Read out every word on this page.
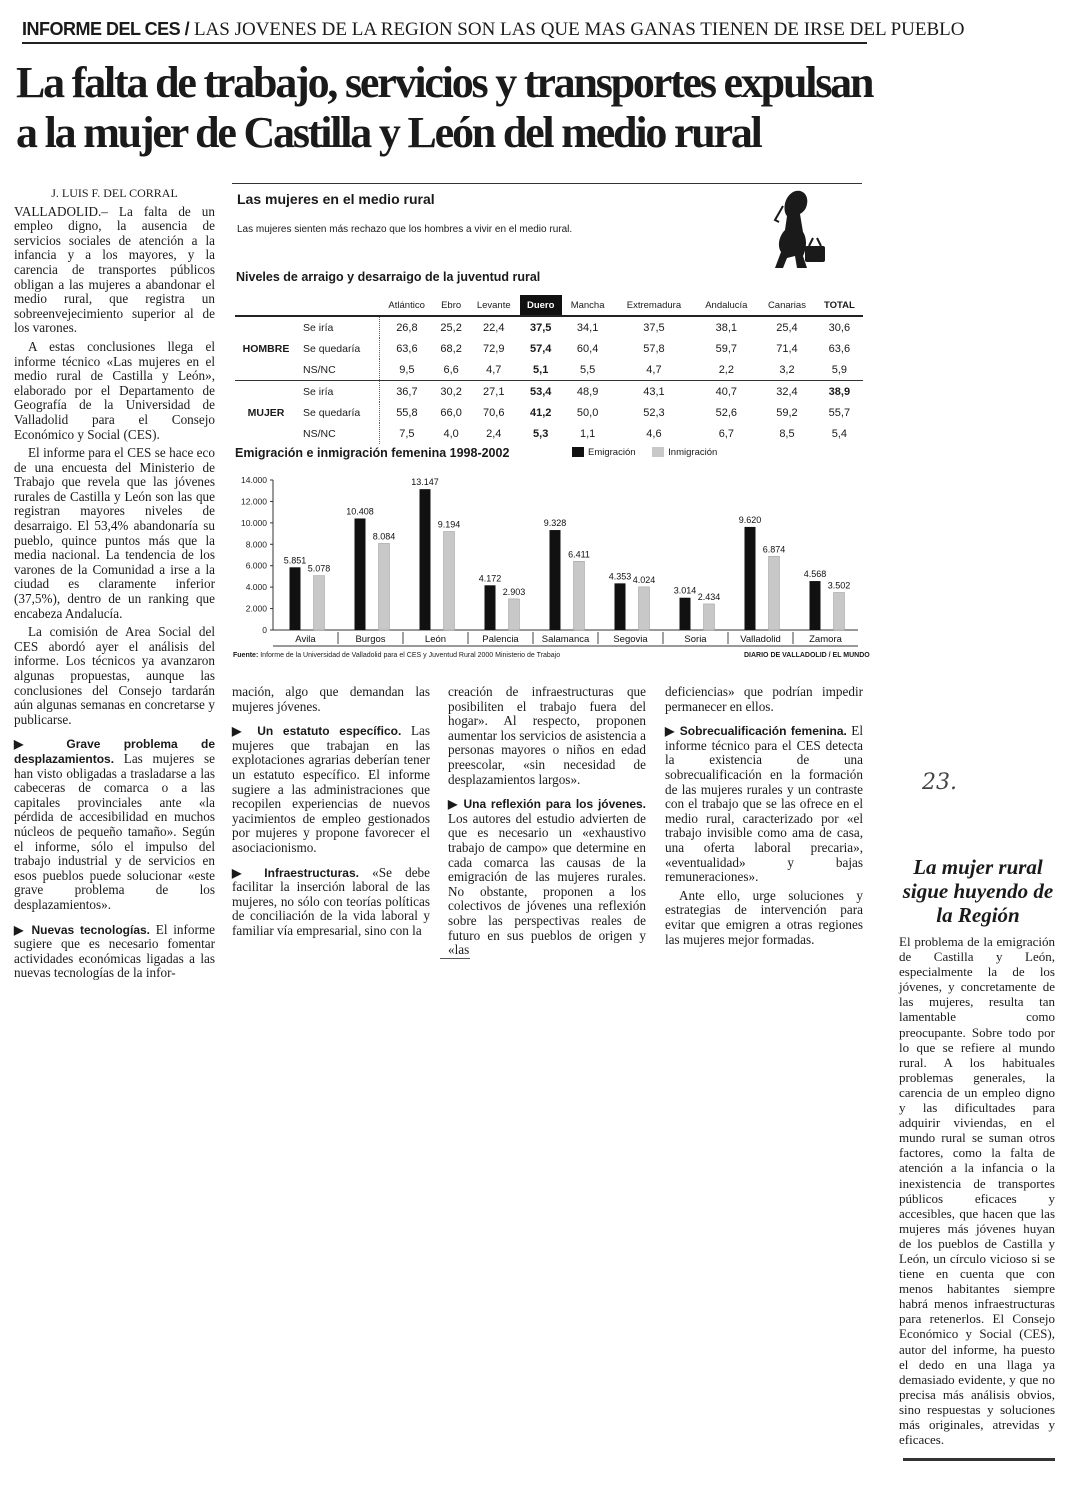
INFORME DEL CES / LAS JOVENES DE LA REGION SON LAS QUE MAS GANAS TIENEN DE IRSE DEL PUEBLO
La falta de trabajo, servicios y transportes expulsan a la mujer de Castilla y León del medio rural

J. LUIS F. DEL CORRAL

VALLADOLID.– La falta de un empleo digno, la ausencia de servicios sociales de atención a la infancia y a los mayores, y la carencia de transportes públicos obligan a las mujeres a abandonar el medio rural, que registra un sobreenvejecimiento superior al de los varones.

A estas conclusiones llega el informe técnico «Las mujeres en el medio rural de Castilla y León», elaborado por el Departamento de Geografía de la Universidad de Valladolid para el Consejo Económico y Social (CES).

El informe para el CES se hace eco de una encuesta del Ministerio de Trabajo que revela que las jóvenes rurales de Castilla y León son las que registran mayores niveles de desarraigo. El 53,4% abandonaría su pueblo, quince puntos más que la media nacional. La tendencia de los varones de la Comunidad a irse a la ciudad es claramente inferior (37,5%), dentro de un ranking que encabeza Andalucía.

La comisión de Area Social del CES abordó ayer el análisis del informe. Los técnicos ya avanzaron algunas propuestas, aunque las conclusiones del Consejo tardarán aún algunas semanas en concretarse y publicarse.

▶ Grave problema de desplazamientos. Las mujeres se han visto obligadas a trasladarse a las cabeceras de comarca o a las capitales provinciales ante «la pérdida de accesibilidad en muchos núcleos de pequeño tamaño». Según el informe, sólo el impulso del trabajo industrial y de servicios en esos pueblos puede solucionar «este grave problema de los desplazamientos».

▶ Nuevas tecnologías. El informe sugiere que es necesario fomentar actividades económicas ligadas a las nuevas tecnologías de la infor-

Las mujeres en el medio rural
Las mujeres sienten más rechazo que los hombres a vivir en el medio rural.
Niveles de arraigo y desarraigo de la juventud rural
		Atlántico	Ebro	Levante	Duero	Mancha	Extremadura	Andalucía	Canarias	TOTAL
HOMBRE	Se iría	26,8	25,2	22,4	37,5	34,1	37,5	38,1	25,4	30,6
	Se quedaría	63,6	68,2	72,9	57,4	60,4	57,8	59,7	71,4	63,6
	NS/NC	9,5	6,6	4,7	5,1	5,5	4,7	2,2	3,2	5,9
MUJER	Se iría	36,7	30,2	27,1	53,4	48,9	43,1	40,7	32,4	38,9
	Se quedaría	55,8	66,0	70,6	41,2	50,0	52,3	52,6	59,2	55,7
	NS/NC	7,5	4,0	2,4	5,3	1,1	4,6	6,7	8,5	5,4
Emigración e inmigración femenina 1998-2002	Emigración	Inmigración
14.000
12.000
10.000
8.000
6.000
4.000
2.000
0
5.851
5.078
Avila
10.408
8.084
Burgos
13.147
9.194
León
4.172
2.903
Palencia
9.328
6.411
Salamanca
4.353 4.024
Segovia
3.014
2.434
Soria
9.620
6.874
Valladolid
4.568
3.502
Zamora
Fuente: Informe de la Universidad de Valladolid para el CES y Juventud Rural 2000 Ministerio de Trabajo	DIARIO DE VALLADOLID / EL MUNDO

mación, algo que demandan las mujeres jóvenes.

▶ Un estatuto específico. Las mujeres que trabajan en las explotaciones agrarias deberían tener un estatuto específico. El informe sugiere a las administraciones que recopilen experiencias de nuevos yacimientos de empleo gestionados por mujeres y propone favorecer el asociacionismo.

▶ Infraestructuras. «Se debe facilitar la inserción laboral de las mujeres, no sólo con teorías políticas de conciliación de la vida laboral y familiar vía empresarial, sino con la

creación de infraestructuras que posibiliten el trabajo fuera del hogar». Al respecto, proponen aumentar los servicios de asistencia a personas mayores o niños en edad preescolar, «sin necesidad de desplazamientos largos».

▶ Una reflexión para los jóvenes. Los autores del estudio advierten de que es necesario un «exhaustivo trabajo de campo» que determine en cada comarca las causas de la emigración de las mujeres rurales. No obstante, proponen a los colectivos de jóvenes una reflexión sobre las perspectivas reales de futuro en sus pueblos de origen y «las

deficiencias» que podrían impedir permanecer en ellos.

▶ Sobrecualificación femenina. El informe técnico para el CES detecta la existencia de una sobrecualificación en la formación de las mujeres rurales y un contraste con el trabajo que se las ofrece en el medio rural, caracterizado por «el trabajo invisible como ama de casa, una oferta laboral precaria», «eventualidad» y bajas remuneraciones».

Ante ello, urge soluciones y estrategias de intervención para evitar que emigren a otras regiones las mujeres mejor formadas.

23.
La mujer rural sigue huyendo de la Región
El problema de la emigración de Castilla y León, especialmente la de los jóvenes, y concretamente de las mujeres, resulta tan lamentable como preocupante. Sobre todo por lo que se refiere al mundo rural. A los habituales problemas generales, la carencia de un empleo digno y las dificultades para adquirir viviendas, en el mundo rural se suman otros factores, como la falta de atención a la infancia o la inexistencia de transportes públicos eficaces y accesibles, que hacen que las mujeres más jóvenes huyan de los pueblos de Castilla y León, un círculo vicioso si se tiene en cuenta que con menos habitantes siempre habrá menos infraestructuras para retenerlos. El Consejo Económico y Social (CES), autor del informe, ha puesto el dedo en una llaga ya demasiado evidente, y que no precisa más análisis obvios, sino respuestas y soluciones más originales, atrevidas y eficaces.
